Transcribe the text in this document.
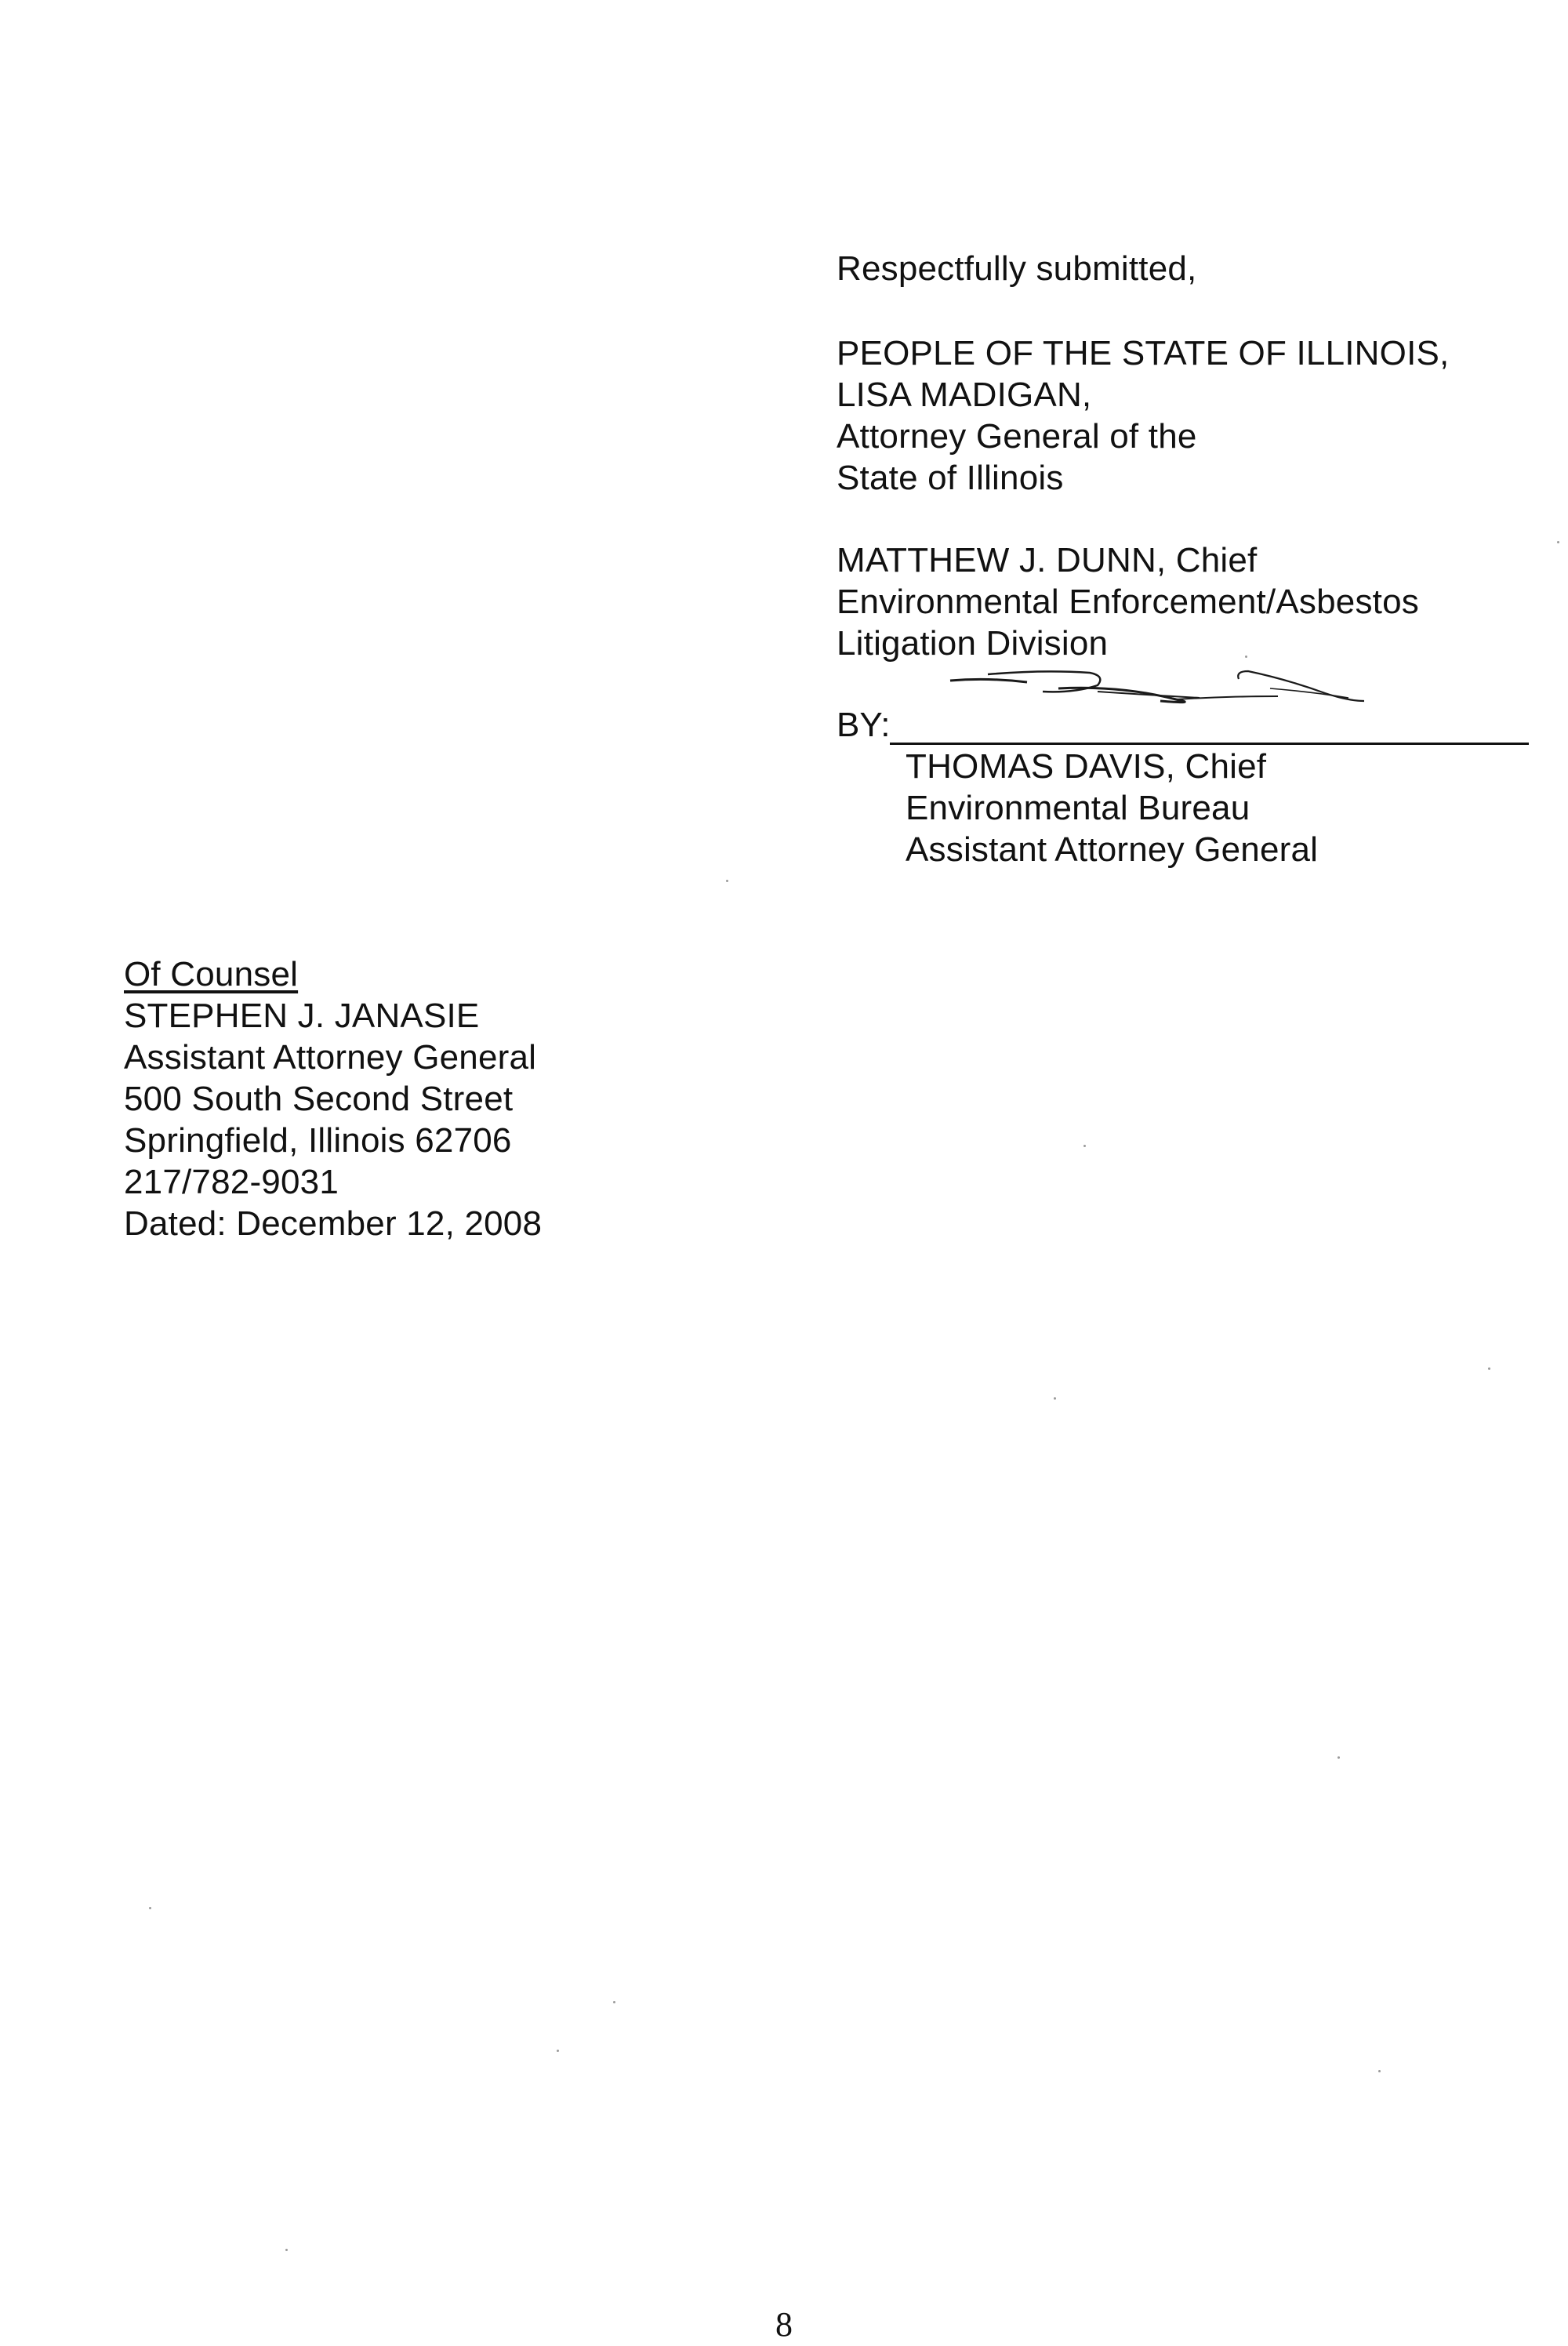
Respectfully submitted,
PEOPLE OF THE STATE OF ILLINOIS,
LISA MADIGAN,
Attorney General of the
State of Illinois
MATTHEW J. DUNN, Chief
Environmental Enforcement/Asbestos
Litigation Division
BY:
THOMAS DAVIS, Chief
Environmental Bureau
Assistant Attorney General
Of Counsel
STEPHEN J. JANASIE
Assistant Attorney General
500 South Second Street
Springfield, Illinois 62706
217/782-9031
Dated: December 12, 2008
8
